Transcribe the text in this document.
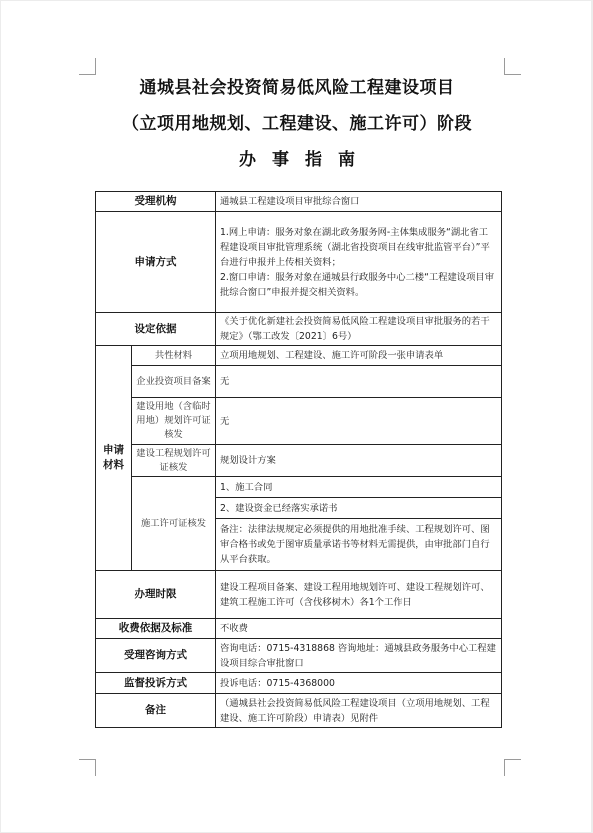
通城县社会投资简易低风险工程建设项目
（立项用地规划、工程建设、施工许可）阶段
办事指南
受理机构		通城县工程建设项目审批综合窗口
申请方式		1.网上申请：服务对象在湖北政务服务网-主体集成服务“湖北省工程建设项目审批管理系统（湖北省投资项目在线审批监管平台）”平台进行申报并上传相关资料；
2.窗口申请：服务对象在通城县行政服务中心二楼“工程建设项目审批综合窗口”申报并提交相关资料。

设定依据		《关于优化新建社会投资简易低风险工程建设项目审批服务的若干规定》（鄂工改发〔2021〕6号）
申请材料	共性材料	立项用地规划、工程建设、施工许可阶段一张申请表单
	企业投资项目备案	无
	建设用地（含临时用地）规划许可证核发	无
	建设工程规划许可证核发	规划设计方案
	施工许可证核发	1、施工合同
		2、建设资金已经落实承诺书
		备注：法律法规规定必须提供的用地批准手续、工程规划许可、图审合格书或免于图审质量承诺书等材料无需提供，由审批部门自行从平台获取。
办理时限		建设工程项目备案、建设工程用地规划许可、建设工程规划许可、建筑工程施工许可（含伐移树木）各1个工作日
收费依据及标准		不收费
受理咨询方式		咨询电话：0715-4318868 咨询地址：通城县政务服务中心工程建设项目综合审批窗口
监督投诉方式		投诉电话：0715-4368000
备注		（通城县社会投资简易低风险工程建设项目（立项用地规划、工程建设、施工许可阶段）申请表）见附件
